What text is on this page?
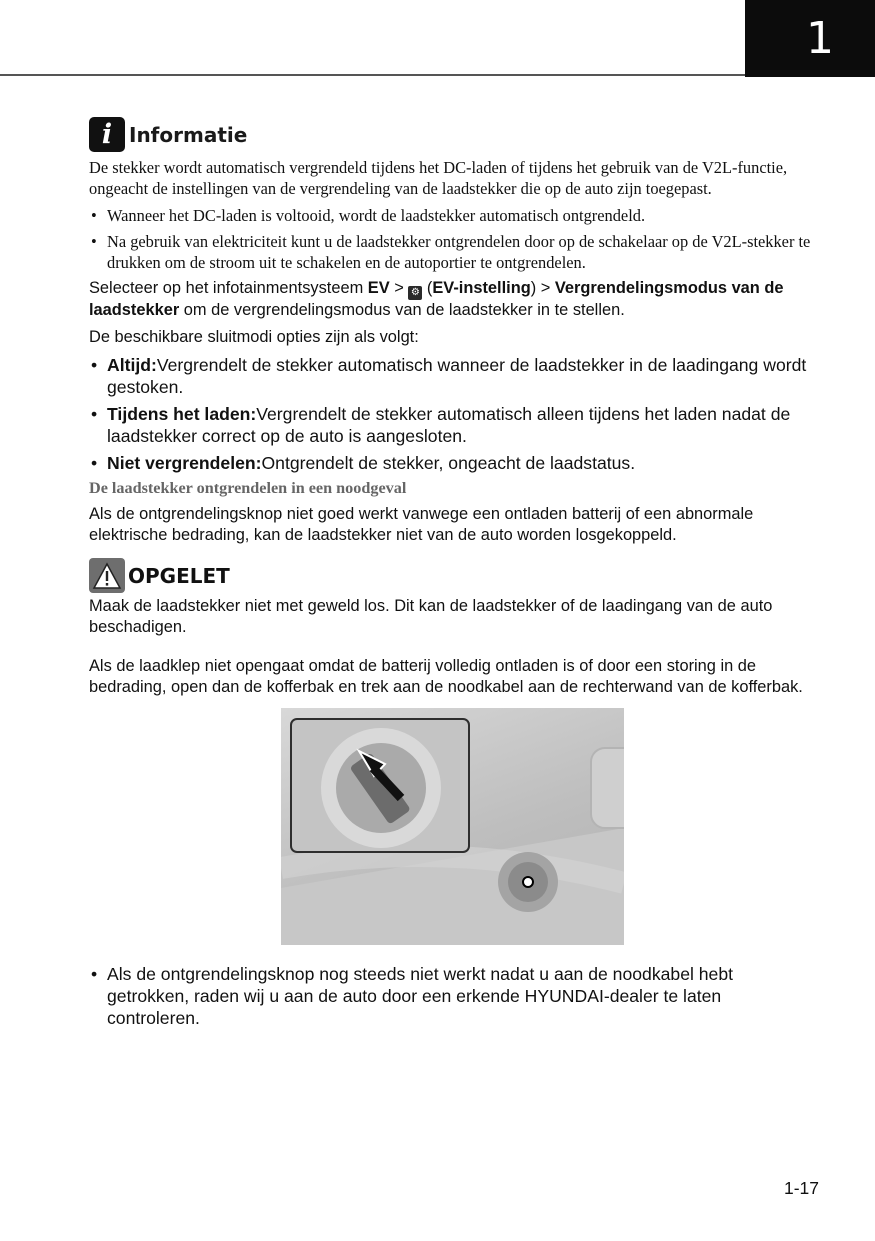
1
i Informatie

De stekker wordt automatisch vergrendeld tijdens het DC-laden of tijdens het gebruik van de V2L-functie, ongeacht de instellingen van de vergrendeling van de laadstekker die op de auto zijn toegepast.

• Wanneer het DC-laden is voltooid, wordt de laadstekker automatisch ontgrendeld.
• Na gebruik van elektriciteit kunt u de laadstekker ontgrendelen door op de schakelaar op de V2L-stekker te drukken om de stroom uit te schakelen en de autoportier te ontgrendelen.

Selecteer op het infotainmentsysteem EV > ⚙ (EV-instelling) > Vergrendelingsmodus van de laadstekker om de vergrendelingsmodus van de laadstekker in te stellen.

De beschikbare sluitmodi opties zijn als volgt:

• Altijd:Vergrendelt de stekker automatisch wanneer de laadstekker in de laadingang wordt gestoken.
• Tijdens het laden:Vergrendelt de stekker automatisch alleen tijdens het laden nadat de laadstekker correct op de auto is aangesloten.
• Niet vergrendelen:Ontgrendelt de stekker, ongeacht de laadstatus.
De laadstekker ontgrendelen in een noodgeval

Als de ontgrendelingsknop niet goed werkt vanwege een ontladen batterij of een abnormale elektrische bedrading, kan de laadstekker niet van de auto worden losgekoppeld.

OPGELET

Maak de laadstekker niet met geweld los. Dit kan de laadstekker of de laadingang van de auto beschadigen.

Als de laadklep niet opengaat omdat de batterij volledig ontladen is of door een storing in de bedrading, open dan de kofferbak en trek aan de noodkabel aan de rechterwand van de kofferbak.

• Als de ontgrendelingsknop nog steeds niet werkt nadat u aan de noodkabel hebt getrokken, raden wij u aan de auto door een erkende HYUNDAI-dealer te laten controleren.
1-17
